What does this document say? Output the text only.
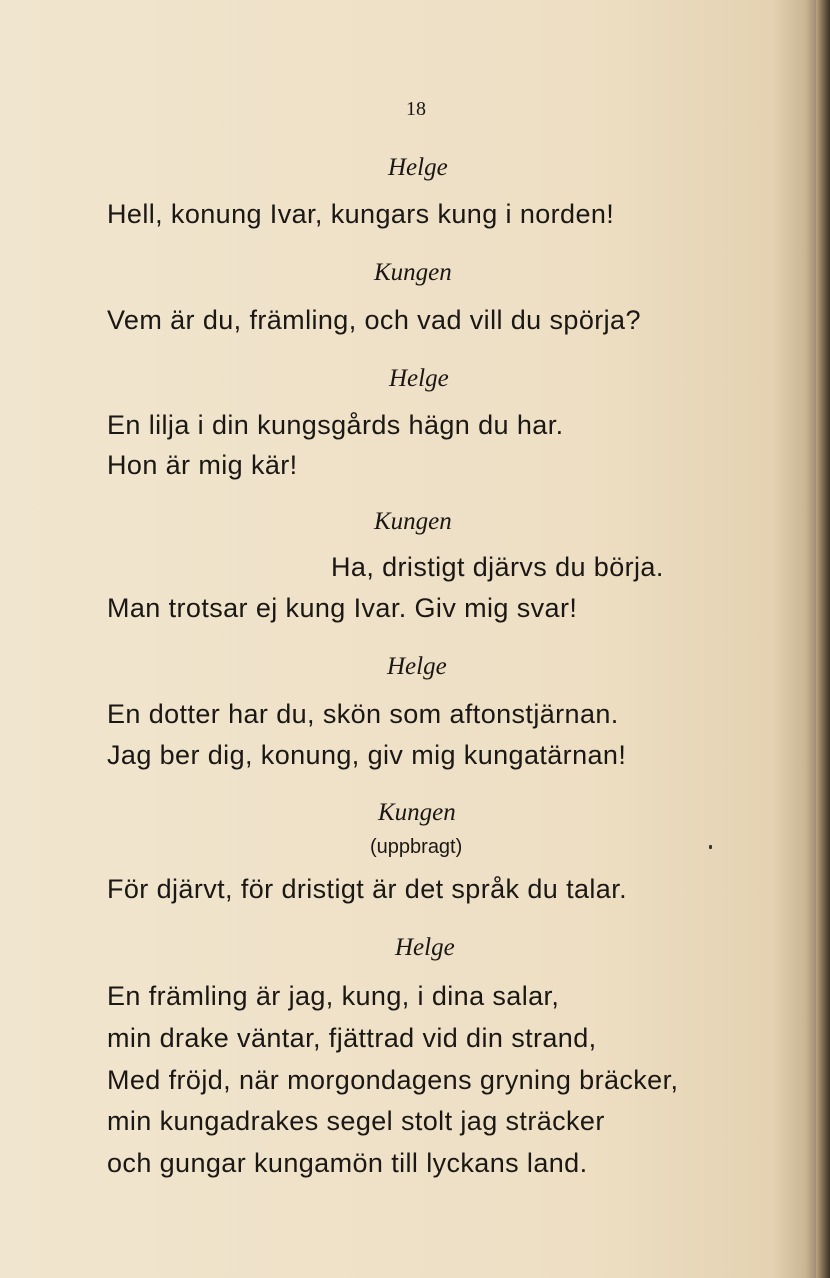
18
Helge
Hell, konung Ivar, kungars kung i norden!
Kungen
Vem är du, främling, och vad vill du spörja?
Helge
En lilja i din kungsgårds hägn du har.
Hon är mig kär!
Kungen
Ha, dristigt djärvs du börja.
Man trotsar ej kung Ivar. Giv mig svar!
Helge
En dotter har du, skön som aftonstjärnan.
Jag ber dig, konung, giv mig kungatärnan!
Kungen
(uppbragt)
För djärvt, för dristigt är det språk du talar.
Helge
En främling är jag, kung, i dina salar,
min drake väntar, fjättrad vid din strand,
Med fröjd, när morgondagens gryning bräcker,
min kungadrakes segel stolt jag sträcker
och gungar kungamön till lyckans land.
